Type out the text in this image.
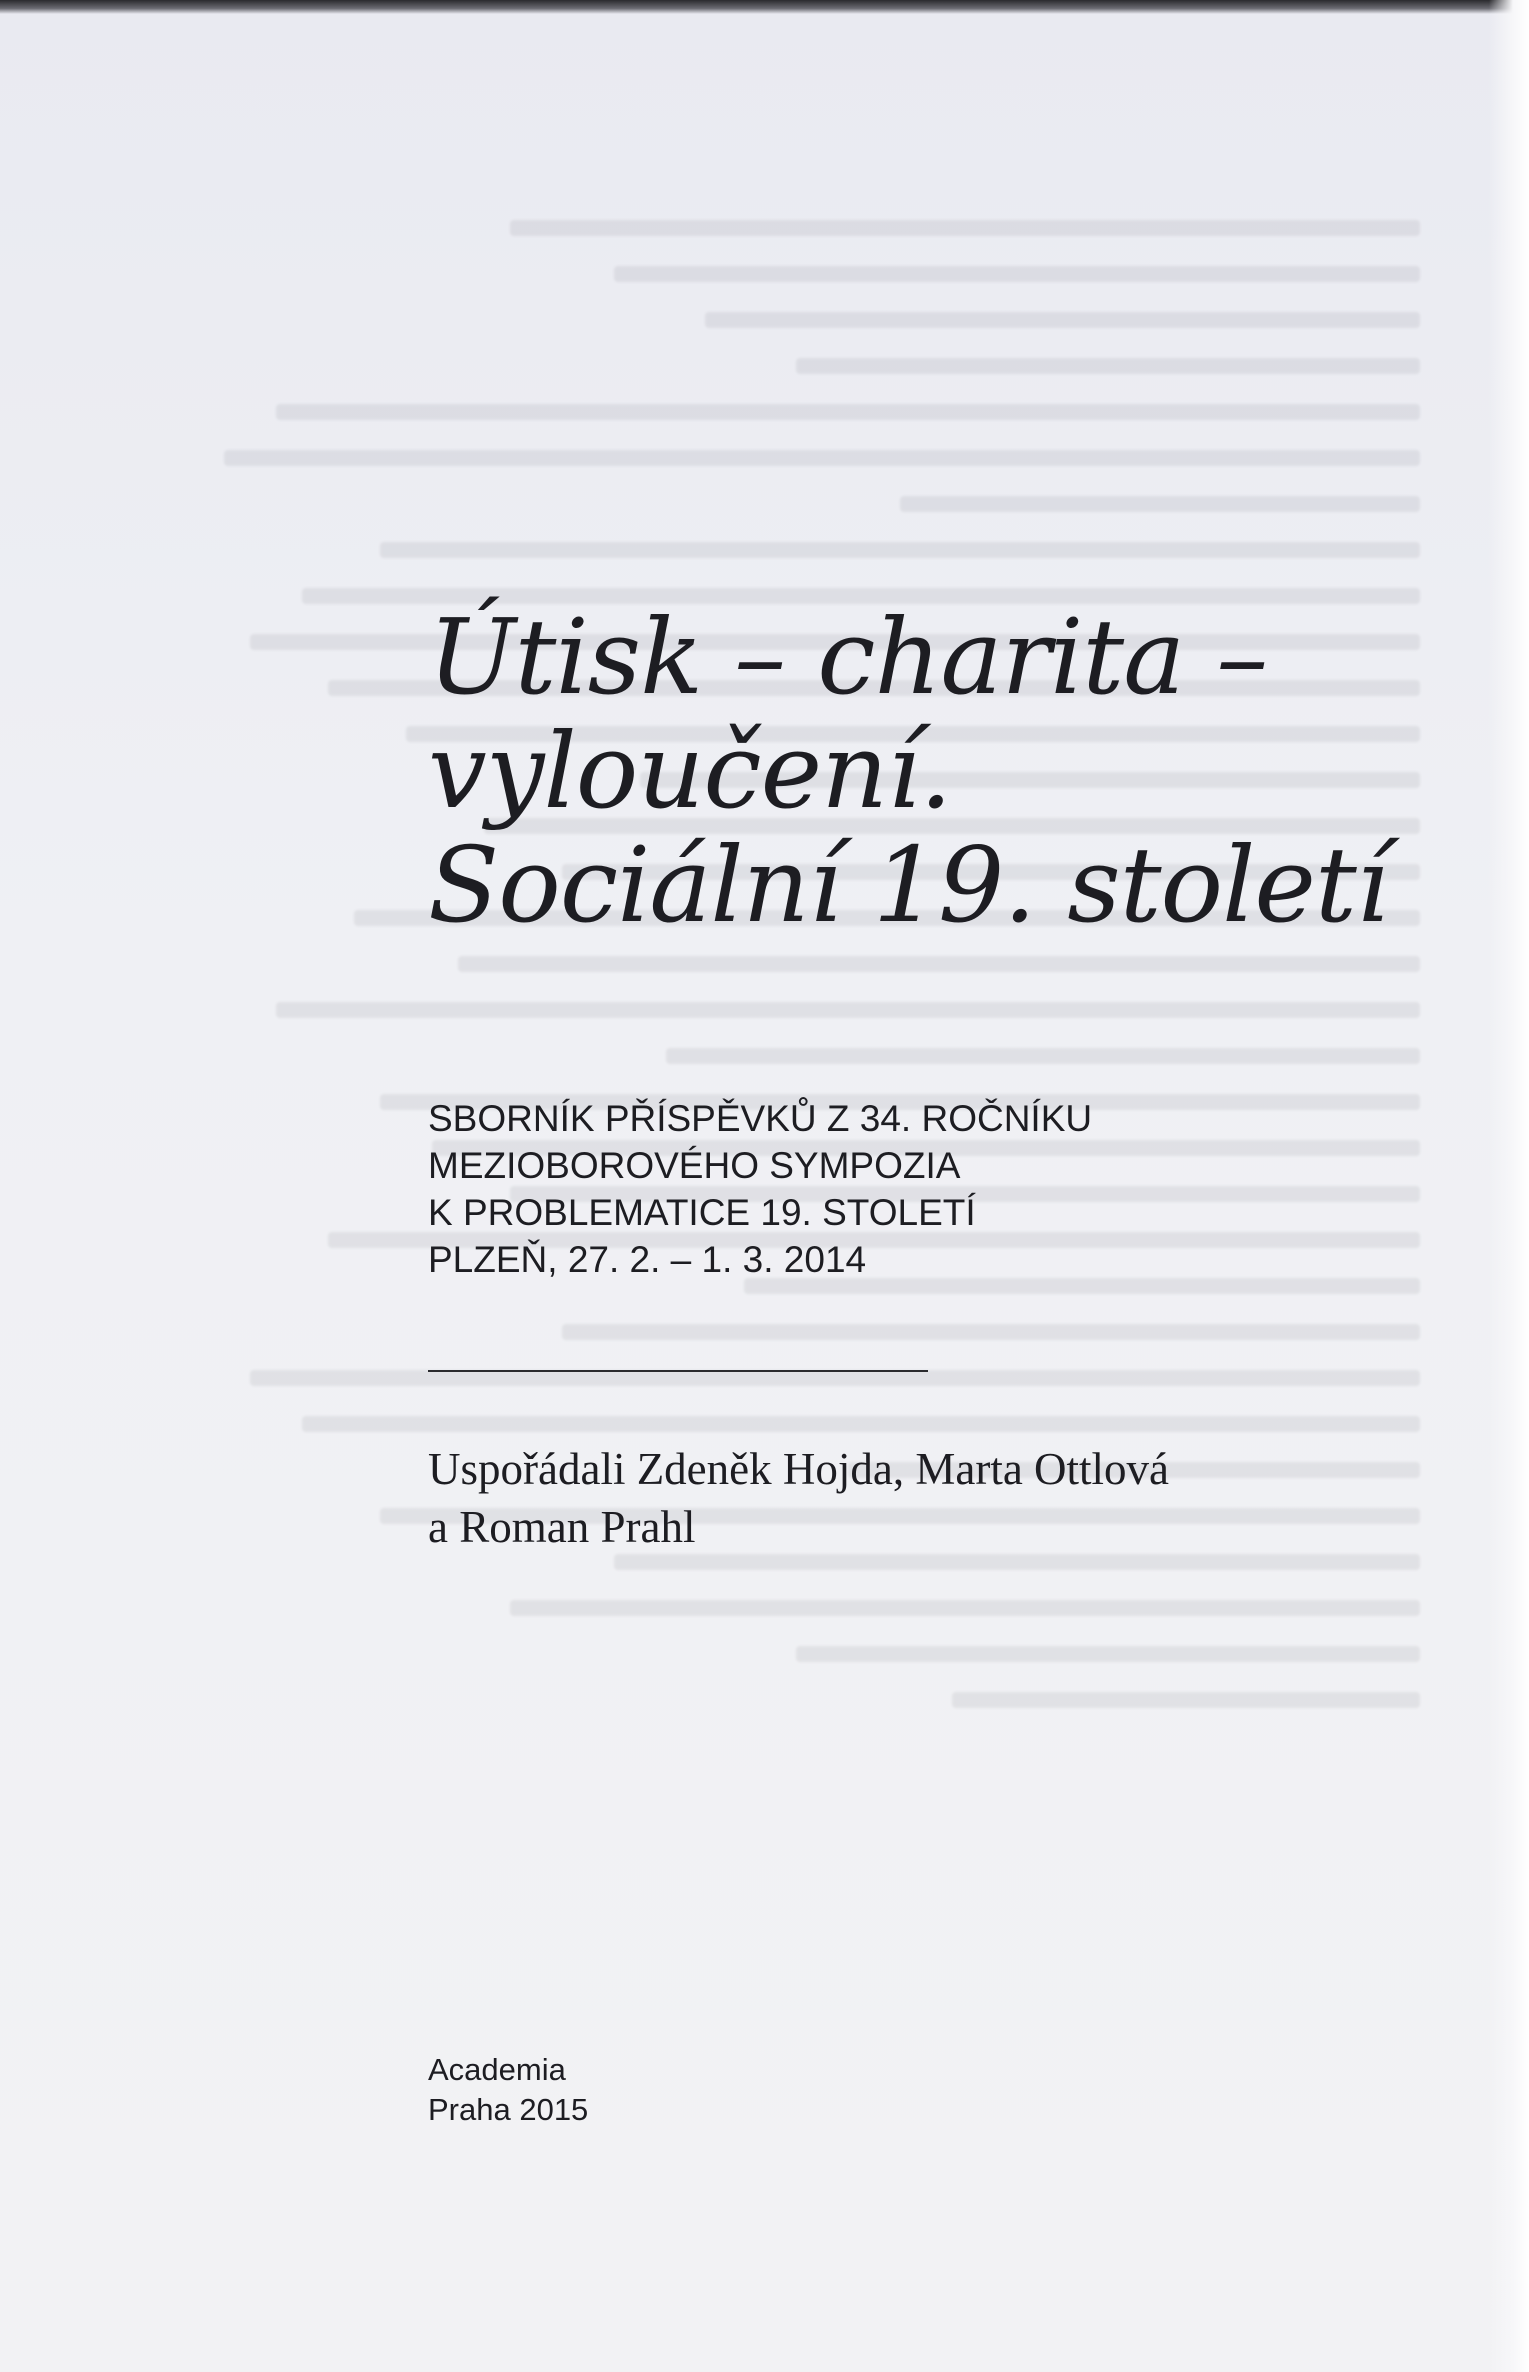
Útisk – charita –
vyloučení.
Sociální 19. století
SBORNÍK PŘÍSPĚVKŮ Z 34. ROČNÍKU
MEZIOBOROVÉHO SYMPOZIA
K PROBLEMATICE 19. STOLETÍ
PLZEŇ, 27. 2. – 1. 3. 2014
Uspořádali Zdeněk Hojda, Marta Ottlová
a Roman Prahl
Academia
Praha 2015
